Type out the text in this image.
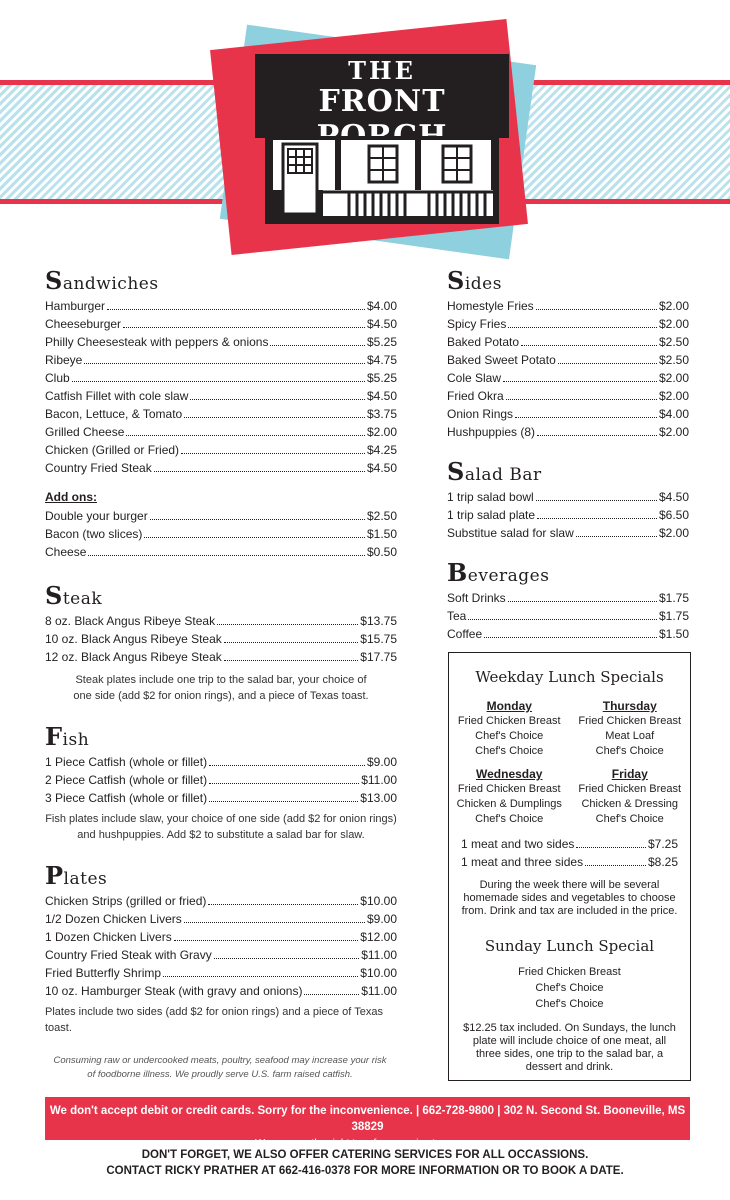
THE
FRONT
Sandwiches
Hamburger	$4.00
Cheeseburger	$4.50
Philly Cheesesteak with peppers & onions	$5.25
Ribeye	$4.75
Club	$5.25
Catfish Fillet with cole slaw	$4.50
Bacon, Lettuce, & Tomato	$3.75
Grilled Cheese	$2.00
Chicken (Grilled or Fried)	$4.25
Country Fried Steak	$4.50
Add ons:
Double your burger	$2.50
Bacon (two slices)	$1.50
Cheese	$0.50
Steak
8 oz. Black Angus Ribeye Steak	$13.75
10 oz. Black Angus Ribeye Steak	$15.75
12 oz. Black Angus Ribeye Steak	$17.75
Steak plates include one trip to the salad bar, your choice of one side (add $2 for onion rings), and a piece of Texas toast.
Fish
1 Piece Catfish (whole or fillet)	$9.00
2 Piece Catfish (whole or fillet)	$11.00
3 Piece Catfish (whole or fillet)	$13.00
Fish plates include slaw, your choice of one side (add $2 for onion rings) and hushpuppies. Add $2 to substitute a salad bar for slaw.
Plates
Chicken Strips (grilled or fried)	$10.00
1/2 Dozen Chicken Livers	$9.00
1 Dozen Chicken Livers	$12.00
Country Fried Steak with Gravy	$11.00
Fried Butterfly Shrimp	$10.00
10 oz. Hamburger Steak (with gravy and onions)	$11.00
Plates include two sides (add $2 for onion rings) and a piece of Texas toast.
Consuming raw or undercooked meats, poultry, seafood may increase your risk of foodborne illness. We proudly serve U.S. farm raised catfish.
Sides
Homestyle Fries	$2.00
Spicy Fries	$2.00
Baked Potato	$2.50
Baked Sweet Potato	$2.50
Cole Slaw	$2.00
Fried Okra	$2.00
Onion Rings	$4.00
Hushpuppies (8)	$2.00
Salad Bar
1 trip salad bowl	$4.50
1 trip salad plate	$6.50
Substitue salad for slaw	$2.00
Beverages
Soft Drinks	$1.75
Tea	$1.75
Coffee	$1.50
Weekday Lunch Specials
Monday
Fried Chicken Breast
Chef's Choice
Chef's Choice
Thursday
Fried Chicken Breast
Meat Loaf
Chef's Choice
Wednesday
Fried Chicken Breast
Chicken & Dumplings
Chef's Choice
Friday
Fried Chicken Breast
Chicken & Dressing
Chef's Choice
1 meat and two sides	$7.25
1 meat and three sides	$8.25
During the week there will be several homemade sides and vegetables to choose from. Drink and tax are included in the price.
Sunday Lunch Special
Fried Chicken Breast
Chef's Choice
Chef's Choice
$12.25 tax included. On Sundays, the lunch plate will include choice of one meat, all three sides, one trip to the salad bar, a dessert and drink.
We don't accept debit or credit cards. Sorry for the inconvenience. | 662-728-9800 | 302 N. Second St. Booneville, MS 38829
We reserve the right to refuse service to anyone.
DON'T FORGET, WE ALSO OFFER CATERING SERVICES FOR ALL OCCASSIONS.
CONTACT RICKY PRATHER AT 662-416-0378 FOR MORE INFORMATION OR TO BOOK A DATE.
